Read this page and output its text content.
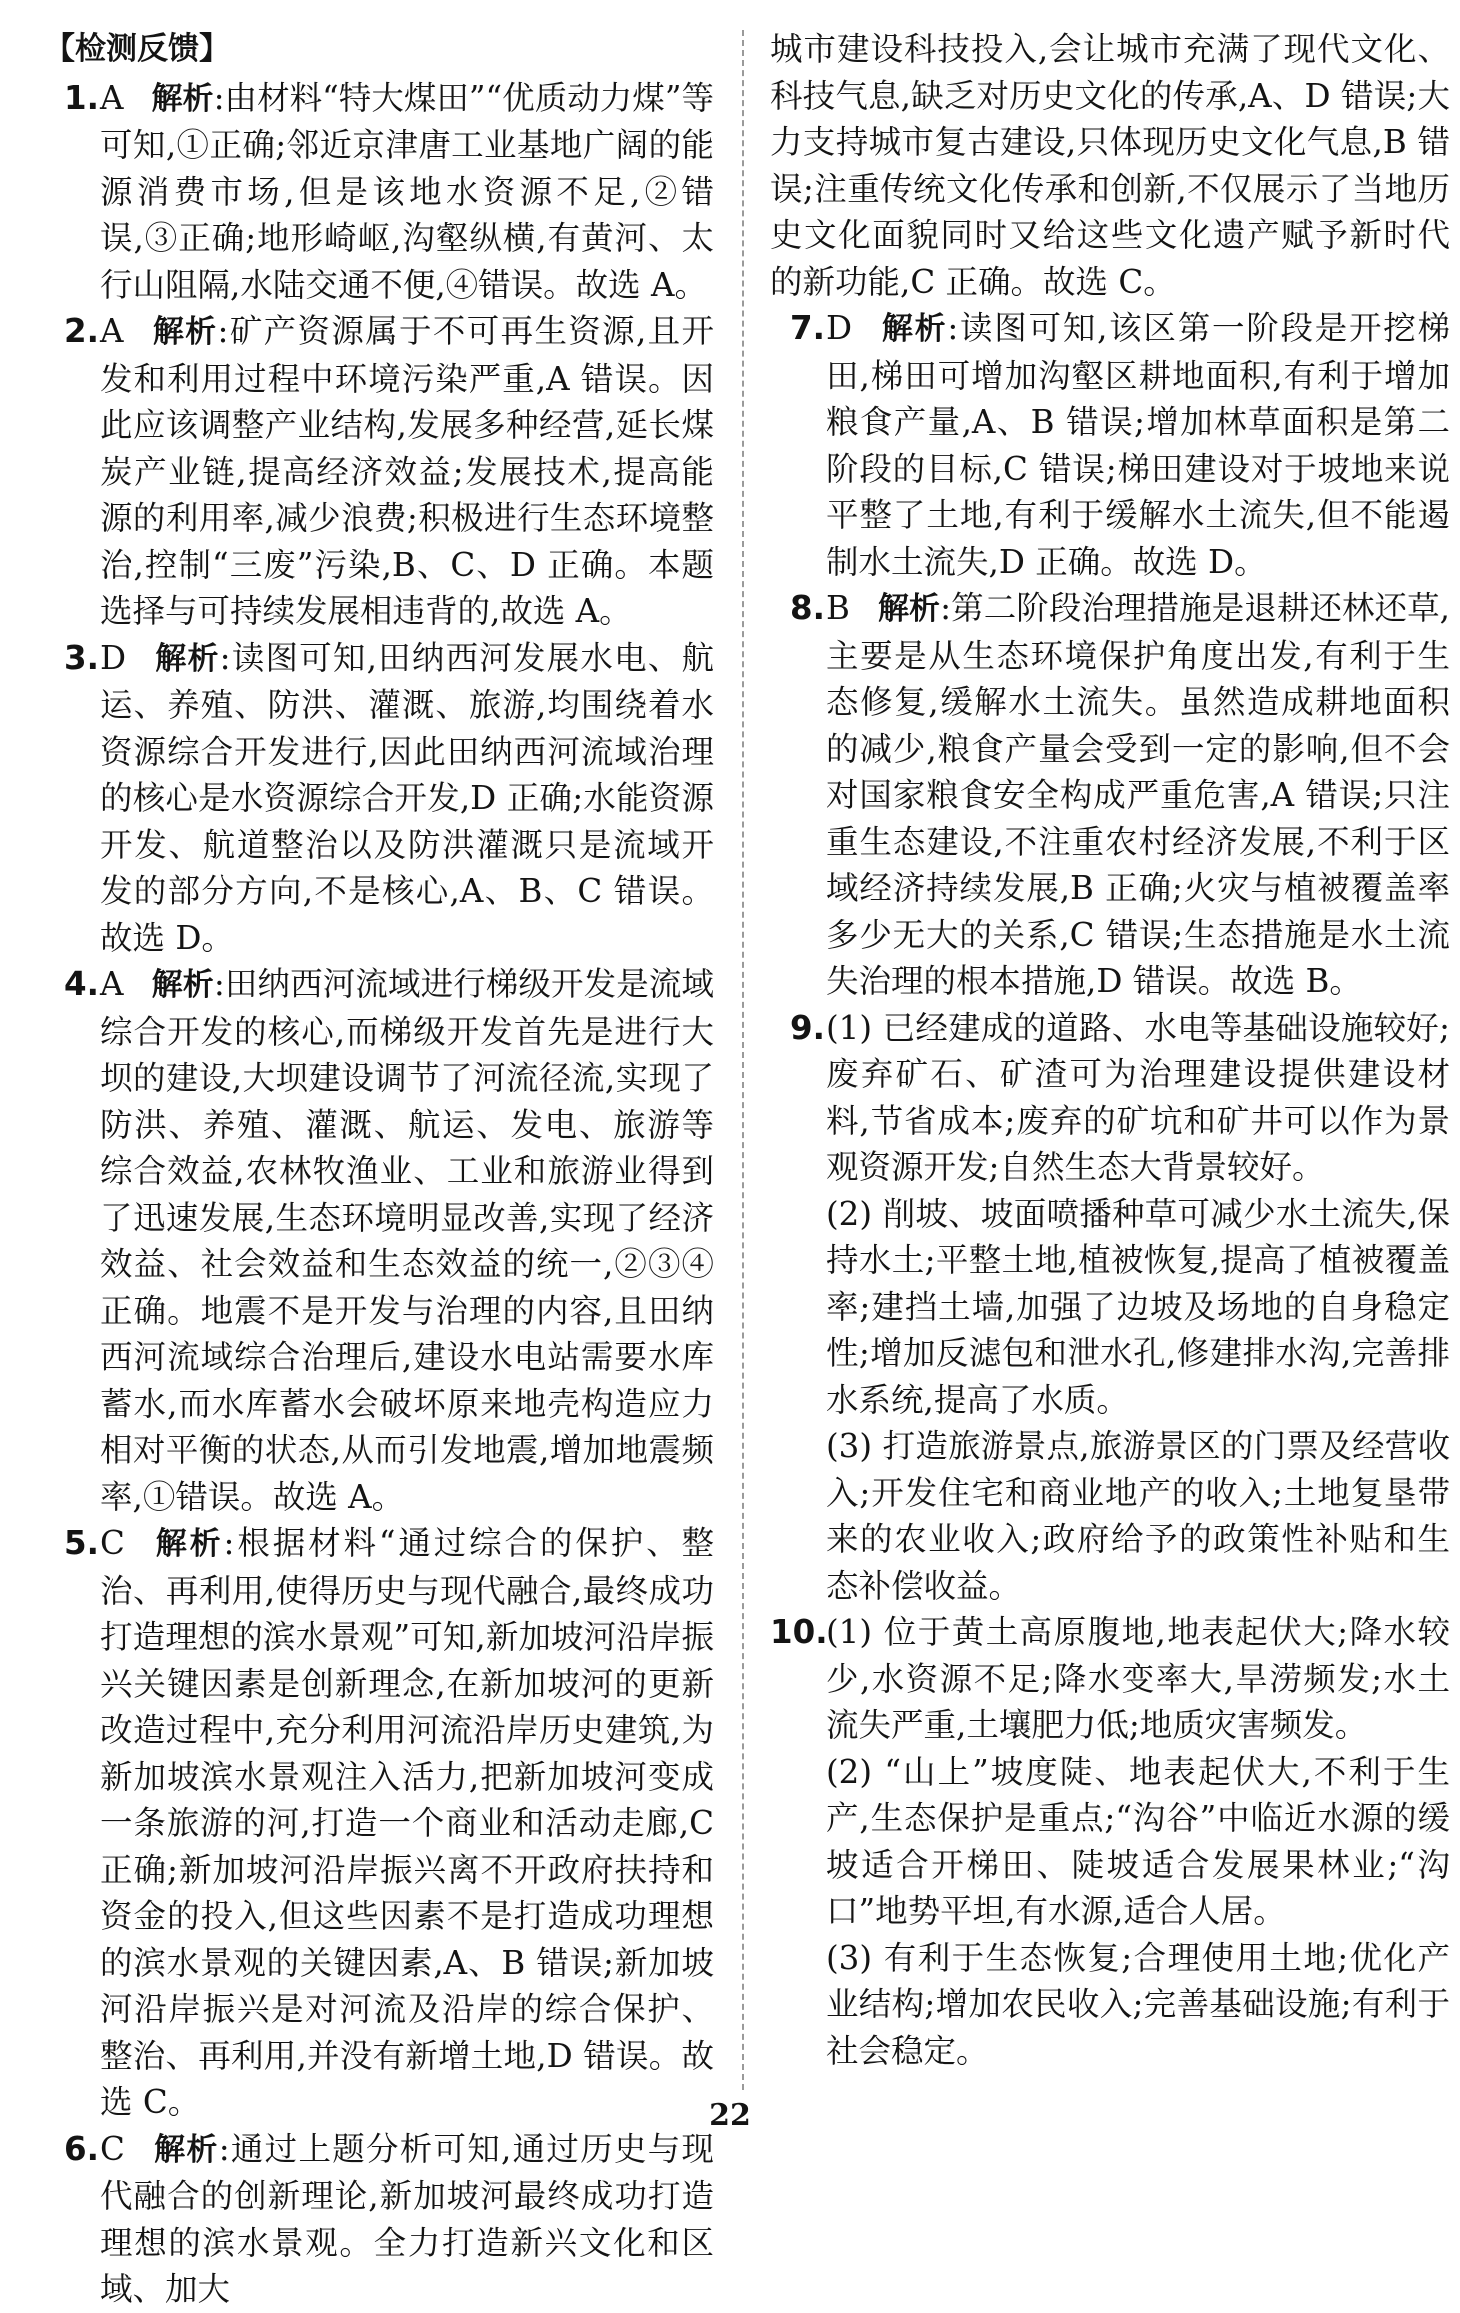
【检测反馈】
1. A 解析:由材料“特大煤田”“优质动力煤”等可知,①正确;邻近京津唐工业基地广阔的能源消费市场,但是该地水资源不足,②错误,③正确;地形崎岖,沟壑纵横,有黄河、太行山阻隔,水陆交通不便,④错误。故选 A。
2. A 解析:矿产资源属于不可再生资源,且开发和利用过程中环境污染严重,A 错误。因此应该调整产业结构,发展多种经营,延长煤炭产业链,提高经济效益;发展技术,提高能源的利用率,减少浪费;积极进行生态环境整治,控制“三废”污染,B、C、D 正确。本题选择与可持续发展相违背的,故选 A。
3. D 解析:读图可知,田纳西河发展水电、航运、养殖、防洪、灌溉、旅游,均围绕着水资源综合开发进行,因此田纳西河流域治理的核心是水资源综合开发,D 正确;水能资源开发、航道整治以及防洪灌溉只是流域开发的部分方向,不是核心,A、B、C 错误。故选 D。
4. A 解析:田纳西河流域进行梯级开发是流域综合开发的核心,而梯级开发首先是进行大坝的建设,大坝建设调节了河流径流,实现了防洪、养殖、灌溉、航运、发电、旅游等综合效益,农林牧渔业、工业和旅游业得到了迅速发展,生态环境明显改善,实现了经济效益、社会效益和生态效益的统一,②③④正确。地震不是开发与治理的内容,且田纳西河流域综合治理后,建设水电站需要水库蓄水,而水库蓄水会破坏原来地壳构造应力相对平衡的状态,从而引发地震,增加地震频率,①错误。故选 A。
5. C 解析:根据材料“通过综合的保护、整治、再利用,使得历史与现代融合,最终成功打造理想的滨水景观”可知,新加坡河沿岸振兴关键因素是创新理念,在新加坡河的更新改造过程中,充分利用河流沿岸历史建筑,为新加坡滨水景观注入活力,把新加坡河变成一条旅游的河,打造一个商业和活动走廊,C 正确;新加坡河沿岸振兴离不开政府扶持和资金的投入,但这些因素不是打造成功理想的滨水景观的关键因素,A、B 错误;新加坡河沿岸振兴是对河流及沿岸的综合保护、整治、再利用,并没有新增土地,D 错误。故选 C。
6. C 解析:通过上题分析可知,通过历史与现代融合的创新理论,新加坡河最终成功打造理想的滨水景观。全力打造新兴文化和区域、加大
城市建设科技投入,会让城市充满了现代文化、科技气息,缺乏对历史文化的传承,A、D 错误;大力支持城市复古建设,只体现历史文化气息,B 错误;注重传统文化传承和创新,不仅展示了当地历史文化面貌同时又给这些文化遗产赋予新时代的新功能,C 正确。故选 C。
7. D 解析:读图可知,该区第一阶段是开挖梯田,梯田可增加沟壑区耕地面积,有利于增加粮食产量,A、B 错误;增加林草面积是第二阶段的目标,C 错误;梯田建设对于坡地来说平整了土地,有利于缓解水土流失,但不能遏制水土流失,D 正确。故选 D。
8. B 解析:第二阶段治理措施是退耕还林还草,主要是从生态环境保护角度出发,有利于生态修复,缓解水土流失。虽然造成耕地面积的减少,粮食产量会受到一定的影响,但不会对国家粮食安全构成严重危害,A 错误;只注重生态建设,不注重农村经济发展,不利于区域经济持续发展,B 正确;火灾与植被覆盖率多少无大的关系,C 错误;生态措施是水土流失治理的根本措施,D 错误。故选 B。
9. (1) 已经建成的道路、水电等基础设施较好;废弃矿石、矿渣可为治理建设提供建设材料,节省成本;废弃的矿坑和矿井可以作为景观资源开发;自然生态大背景较好。
(2) 削坡、坡面喷播种草可减少水土流失,保持水土;平整土地,植被恢复,提高了植被覆盖率;建挡土墙,加强了边坡及场地的自身稳定性;增加反滤包和泄水孔,修建排水沟,完善排水系统,提高了水质。
(3) 打造旅游景点,旅游景区的门票及经营收入;开发住宅和商业地产的收入;土地复垦带来的农业收入;政府给予的政策性补贴和生态补偿收益。
10.
(1) 位于黄土高原腹地,地表起伏大;降水较少,水资源不足;降水变率大,旱涝频发;水土流失严重,土壤肥力低;地质灾害频发。
(2) “山上”坡度陡、地表起伏大,不利于生产,生态保护是重点;“沟谷”中临近水源的缓坡适合开梯田、陡坡适合发展果林业;“沟口”地势平坦,有水源,适合人居。
(3) 有利于生态恢复;合理使用土地;优化产业结构;增加农民收入;完善基础设施;有利于社会稳定。
22
